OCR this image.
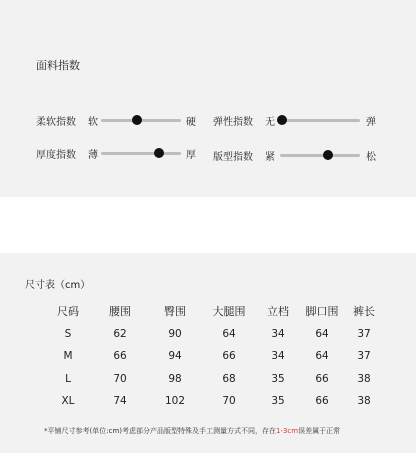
面料指数
柔软指数 软	硬 弹性指数 无	弹
厚度指数 薄	厚 版型指数 紧	松
尺寸表（cm）
尺码	腰围	臀围	大腿围	立档	脚口围	裤长
S	62	90	64	34	64	37
M	66	94	66	34	64	37
L	70	98	68	35	66	38
XL	74	102	70	35	66	38
*平铺尺寸参考(单位:cm)考虑部分产品版型特殊及手工测量方式不同，存在1-3cm误差属于正常
